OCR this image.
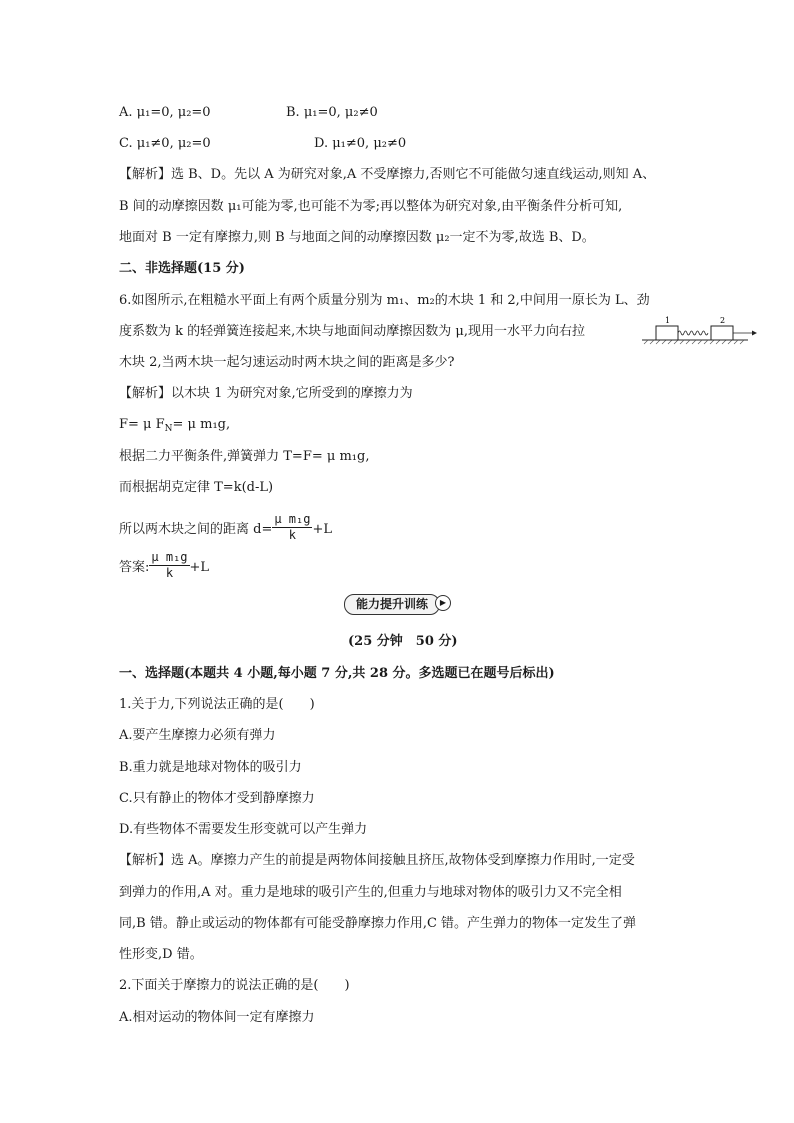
A. μ₁=0, μ₂=0	B. μ₁=0, μ₂≠0
C. μ₁≠0, μ₂=0	D. μ₁≠0, μ₂≠0
【解析】选 B、D。先以 A 为研究对象,A 不受摩擦力,否则它不可能做匀速直线运动,则知 A、
B 间的动摩擦因数 μ₁可能为零,也可能不为零;再以整体为研究对象,由平衡条件分析可知,
地面对 B 一定有摩擦力,则 B 与地面之间的动摩擦因数 μ₂一定不为零,故选 B、D。
二、非选择题(15 分)
6.如图所示,在粗糙水平面上有两个质量分别为 m₁、m₂的木块 1 和 2,中间用一原长为 L、劲
度系数为 k 的轻弹簧连接起来,木块与地面间动摩擦因数为 μ,现用一水平力向右拉
木块 2,当两木块一起匀速运动时两木块之间的距离是多少?
1	2
【解析】以木块 1 为研究对象,它所受到的摩擦力为
F= μ $F_N= \mu$ m₁g,
根据二力平衡条件,弹簧弹力 T=F= μ m₁g,
而根据胡克定律 T=k(d-L)
所以两木块之间的距离 $d= \frac{\text{μ m₁g}}{k} +L$
答案: $\frac{\text{μ m₁g}}{k} +L$
能力提升训练	▶
(25 分钟　50 分)
一、选择题(本题共 4 小题,每小题 7 分,共 28 分。多选题已在题号后标出)
1.关于力,下列说法正确的是(　　)
A.要产生摩擦力必须有弹力
B.重力就是地球对物体的吸引力
C.只有静止的物体才受到静摩擦力
D.有些物体不需要发生形变就可以产生弹力
【解析】选 A。摩擦力产生的前提是两物体间接触且挤压,故物体受到摩擦力作用时,一定受
到弹力的作用,A 对。重力是地球的吸引产生的,但重力与地球对物体的吸引力又不完全相
同,B 错。静止或运动的物体都有可能受静摩擦力作用,C 错。产生弹力的物体一定发生了弹
性形变,D 错。
2.下面关于摩擦力的说法正确的是(　　)
A.相对运动的物体间一定有摩擦力
